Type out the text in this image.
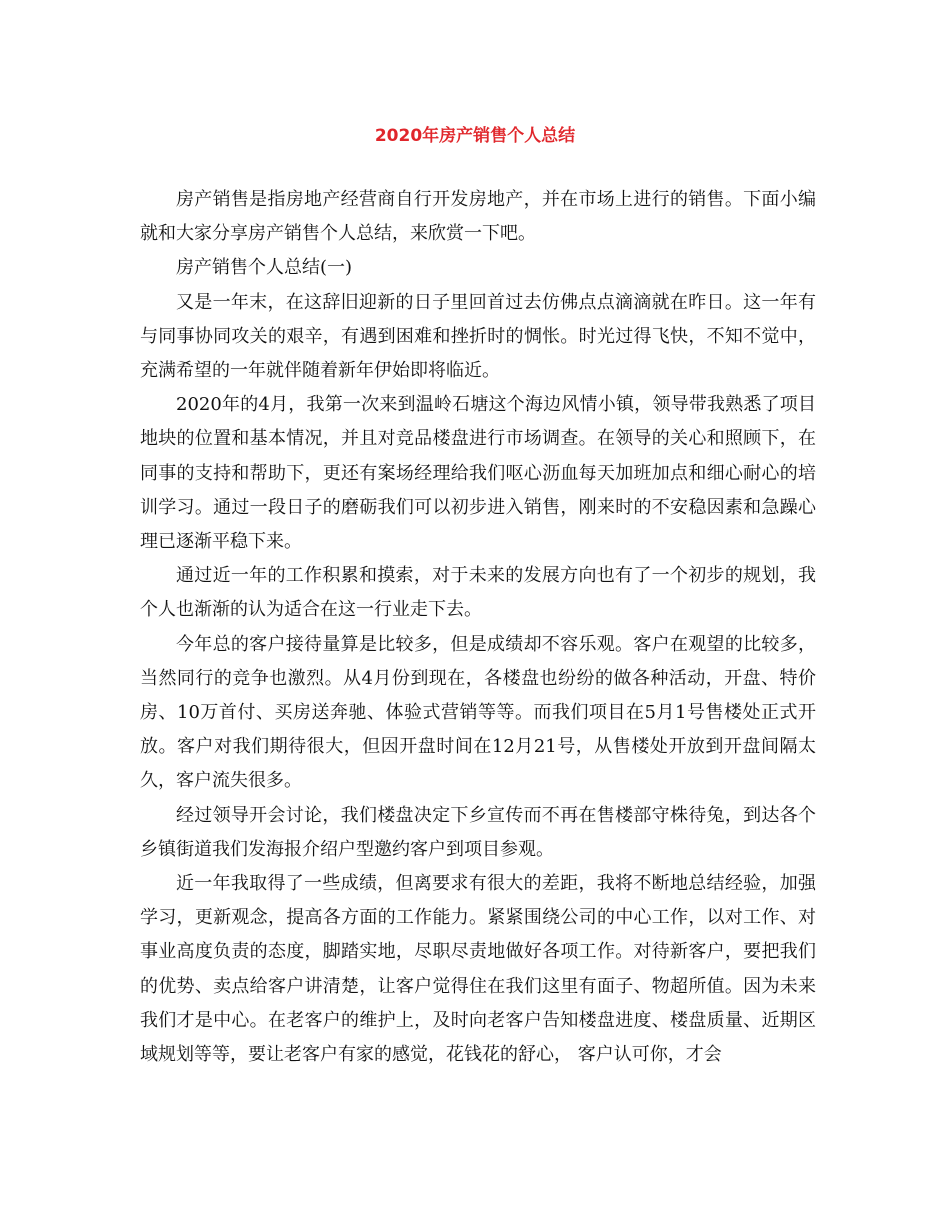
2020年房产销售个人总结

房产销售是指房地产经营商自行开发房地产，并在市场上进行的销售。下面小编就和大家分享房产销售个人总结，来欣赏一下吧。

房产销售个人总结(一)

又是一年末，在这辞旧迎新的日子里回首过去仿佛点点滴滴就在昨日。这一年有与同事协同攻关的艰辛，有遇到困难和挫折时的惆怅。时光过得飞快，不知不觉中，充满希望的一年就伴随着新年伊始即将临近。

2020年的4月，我第一次来到温岭石塘这个海边风情小镇，领导带我熟悉了项目地块的位置和基本情况，并且对竞品楼盘进行市场调查。在领导的关心和照顾下，在同事的支持和帮助下，更还有案场经理给我们呕心沥血每天加班加点和细心耐心的培训学习。通过一段日子的磨砺我们可以初步进入销售，刚来时的不安稳因素和急躁心理已逐渐平稳下来。

通过近一年的工作积累和摸索，对于未来的发展方向也有了一个初步的规划，我个人也渐渐的认为适合在这一行业走下去。

今年总的客户接待量算是比较多，但是成绩却不容乐观。客户在观望的比较多，当然同行的竞争也激烈。从4月份到现在，各楼盘也纷纷的做各种活动，开盘、特价房、10万首付、买房送奔驰、体验式营销等等。而我们项目在5月1号售楼处正式开放。客户对我们期待很大，但因开盘时间在12月21号，从售楼处开放到开盘间隔太久，客户流失很多。

经过领导开会讨论，我们楼盘决定下乡宣传而不再在售楼部守株待兔，到达各个乡镇街道我们发海报介绍户型邀约客户到项目参观。

近一年我取得了一些成绩，但离要求有很大的差距，我将不断地总结经验，加强学习，更新观念，提高各方面的工作能力。紧紧围绕公司的中心工作，以对工作、对事业高度负责的态度，脚踏实地，尽职尽责地做好各项工作。对待新客户，要把我们的优势、卖点给客户讲清楚，让客户觉得住在我们这里有面子、物超所值。因为未来我们才是中心。在老客户的维护上，及时向老客户告知楼盘进度、楼盘质量、近期区域规划等等，要让老客户有家的感觉，花钱花的舒心， 客户认可你，才会
